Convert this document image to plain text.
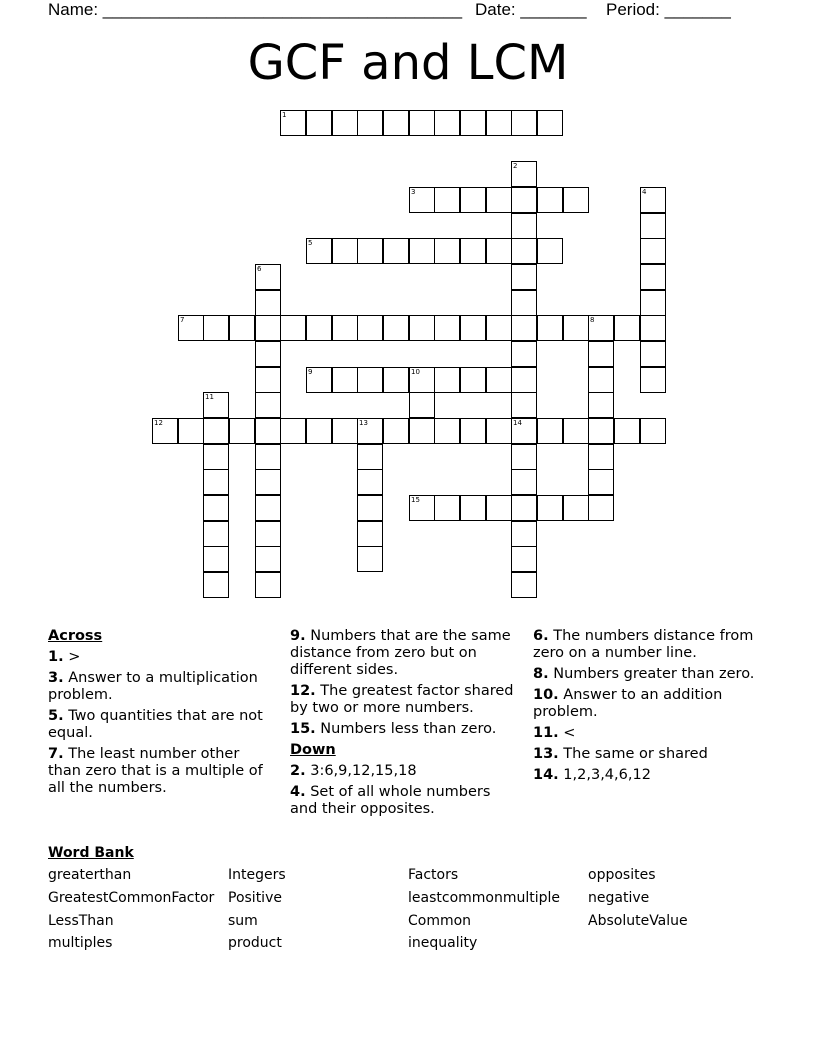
Name: ______________________________________ Date: _______ Period: _______
GCF and LCM
1
3
5
7	8
9	10
12	13	14
15
2
4
6
11
Across
1. >
3. Answer to a multiplication problem.
5. Two quantities that are not equal.
7. The least number other than zero that is a multiple of all the numbers.
9. Numbers that are the same distance from zero but on different sides.
12. The greatest factor shared by two or more numbers.
15. Numbers less than zero.
Down
2. 3:6,9,12,15,18
4. Set of all whole numbers and their opposites.
6. The numbers distance from zero on a number line.
8. Numbers greater than zero.
10. Answer to an addition problem.
11. <
13. The same or shared
14. 1,2,3,4,6,12
Word Bank
greaterthan	Integers	Factors	opposites
GreatestCommonFactor Positive	leastcommonmultiple negative
LessThan	sum	Common	AbsoluteValue
multiples	product	inequality
